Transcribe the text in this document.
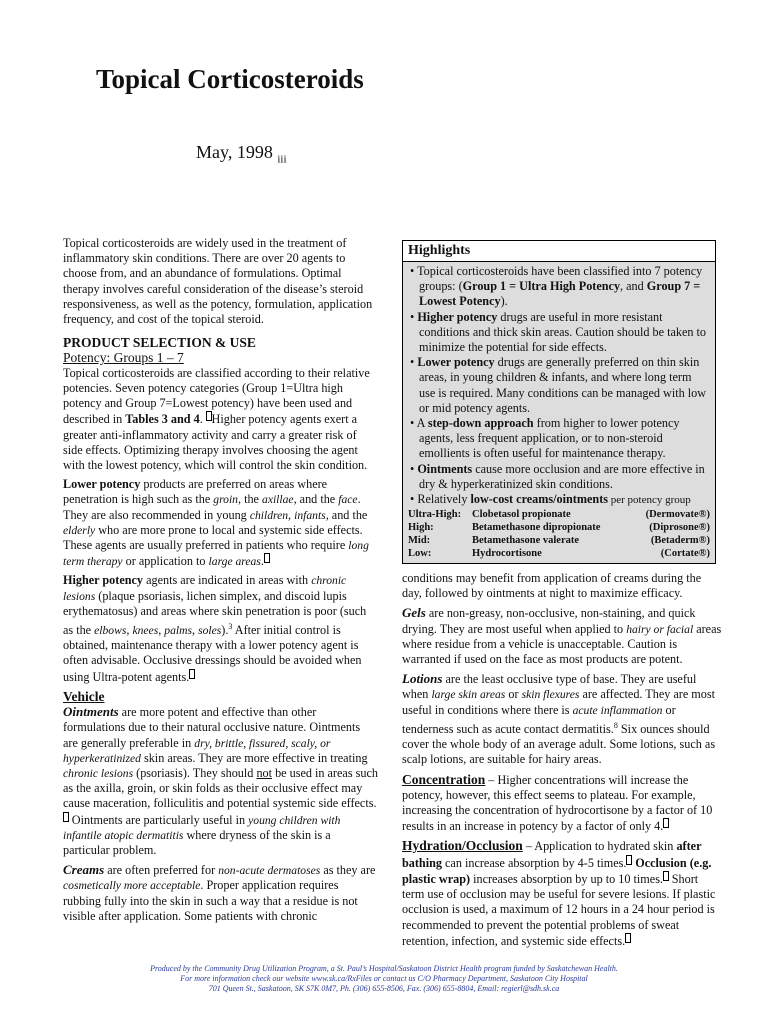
Topical Corticosteroids
May, 1998 $_{iii}$

Topical corticosteroids are widely used in the treatment of inflammatory skin conditions. There are over 20 agents to choose from, and an abundance of formulations. Optimal therapy involves careful consideration of the disease’s steroid responsiveness, as well as the potency, formulation, application frequency, and cost of the topical steroid.

PRODUCT SELECTION & USE
Potency: Groups 1 – 7

Topical corticosteroids are classified according to their relative potencies. Seven potency categories (Group 1=Ultra high potency and Group 7=Lowest potency) have been used and described in Tables 3 and 4.  Higher potency agents exert a greater anti-inflammatory activity and carry a greater risk of side effects. Optimizing therapy involves choosing the agent with the lowest potency, which will control the skin condition.

Lower potency products are preferred on areas where penetration is high such as the groin, the axillae, and the face. They are also recommended in young children, infants, and the elderly who are more prone to local and systemic side effects. These agents are usually preferred in patients who require long term therapy or application to large areas.

Higher potency agents are indicated in areas with chronic lesions (plaque psoriasis, lichen simplex, and discoid lupis erythematosus) and areas where skin penetration is poor (such as the elbows, knees, palms, soles).$^3$ After initial control is obtained, maintenance therapy with a lower potency agent is often advisable. Occlusive dressings should be avoided when using Ultra-potent agents.

Vehicle

Ointments are more potent and effective than other formulations due to their natural occlusive nature. Ointments are generally preferable in dry, brittle, fissured, scaly, or hyperkeratinized skin areas. They are more effective in treating chronic lesions (psoriasis). They should not be used in areas such as the axilla, groin, or skin folds as their occlusive effect may cause maceration, folliculitis and potential systemic side effects.  Ointments are particularly useful in young children with infantile atopic dermatitis where dryness of the skin is a particular problem.

Creams are often preferred for non-acute dermatoses as they are cosmetically more acceptable. Proper application requires rubbing fully into the skin in such a way that a residue is not visible after application. Some patients with chronic

Highlights
• Topical corticosteroids have been classified into 7 potency groups: (Group 1 = Ultra High Potency, and Group 7 = Lowest Potency).
• Higher potency drugs are useful in more resistant conditions and thick skin areas. Caution should be taken to minimize the potential for side effects.
• Lower potency drugs are generally preferred on thin skin areas, in young children & infants, and where long term use is required. Many conditions can be managed with low or mid potency agents.
• A step-down approach from higher to lower potency agents, less frequent application, or to non-steroid emollients is often useful for maintenance therapy.
• Ointments cause more occlusion and are more effective in dry & hyperkeratinized skin conditions.
• Relatively low-cost creams/ointments per potency group
Ultra-High:	Clobetasol propionate	(Dermovate®)
High:	Betamethasone dipropionate	(Diprosone®)
Mid:	Betamethasone valerate	(Betaderm®)
Low:	Hydrocortisone	(Cortate®)

conditions may benefit from application of creams during the day, followed by ointments at night to maximize efficacy.

Gels are non-greasy, non-occlusive, non-staining, and quick drying. They are most useful when applied to hairy or facial areas where residue from a vehicle is unacceptable. Caution is warranted if used on the face as most products are potent.

Lotions are the least occlusive type of base. They are useful when large skin areas or skin flexures are affected. They are most useful in conditions where there is acute inflammation or tenderness such as acute contact dermatitis.$^8$ Six ounces should cover the whole body of an average adult. Some lotions, such as scalp lotions, are suitable for hairy areas.

Concentration – Higher concentrations will increase the potency, however, this effect seems to plateau. For example, increasing the concentration of hydrocortisone by a factor of 10 results in an increase in potency by a factor of only 4.

Hydration/Occlusion – Application to hydrated skin after bathing can increase absorption by 4-5 times.  Occlusion (e.g. plastic wrap) increases absorption by up to 10 times.  Short term use of occlusion may be useful for severe lesions. If plastic occlusion is used, a maximum of 12 hours in a 24 hour period is recommended to prevent the potential problems of sweat retention, infection, and systemic side effects.

Produced by the Community Drug Utilization Program, a St. Paul’s Hospital/Saskatoon District Health program funded by Saskatchewan Health.
For more information check our website www.sk.ca/RxFiles or contact us C/O Pharmacy Department, Saskatoon City Hospital
701 Queen St., Saskatoon, SK S7K 0M7, Ph. (306) 655-8506, Fax. (306) 655-8804, Email: regierl@sdh.sk.ca
